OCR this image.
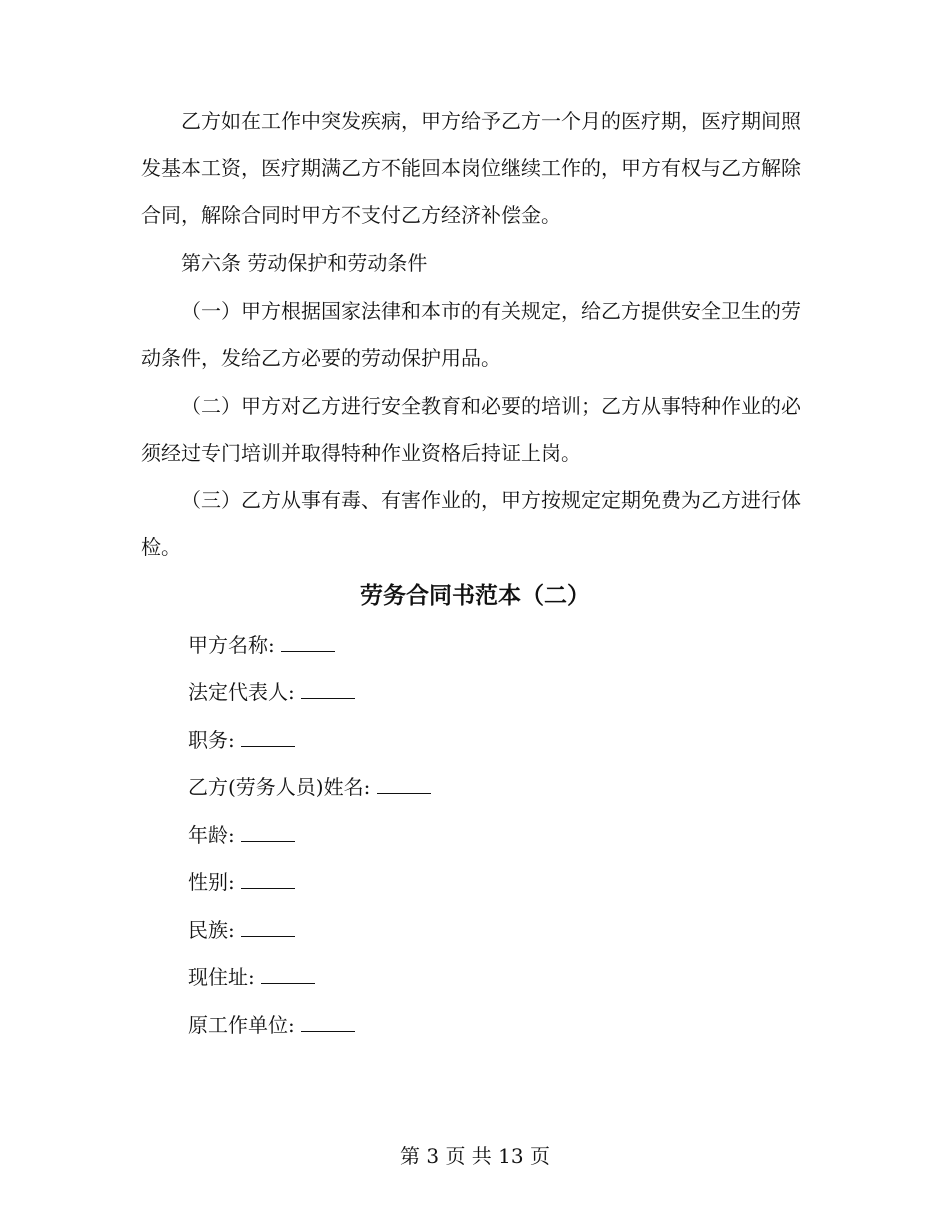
乙方如在工作中突发疾病，甲方给予乙方一个月的医疗期，医疗期间照发基本工资，医疗期满乙方不能回本岗位继续工作的，甲方有权与乙方解除合同，解除合同时甲方不支付乙方经济补偿金。

第六条 劳动保护和劳动条件

（一）甲方根据国家法律和本市的有关规定，给乙方提供安全卫生的劳动条件，发给乙方必要的劳动保护用品。

（二）甲方对乙方进行安全教育和必要的培训；乙方从事特种作业的必须经过专门培训并取得特种作业资格后持证上岗。

（三）乙方从事有毒、有害作业的，甲方按规定定期免费为乙方进行体检。

劳务合同书范本（二）

甲方名称:

法定代表人:

职务:

乙方(劳务人员)姓名:

年龄:

性别:

民族:

现住址:

原工作单位:

第 3 页 共 13 页
